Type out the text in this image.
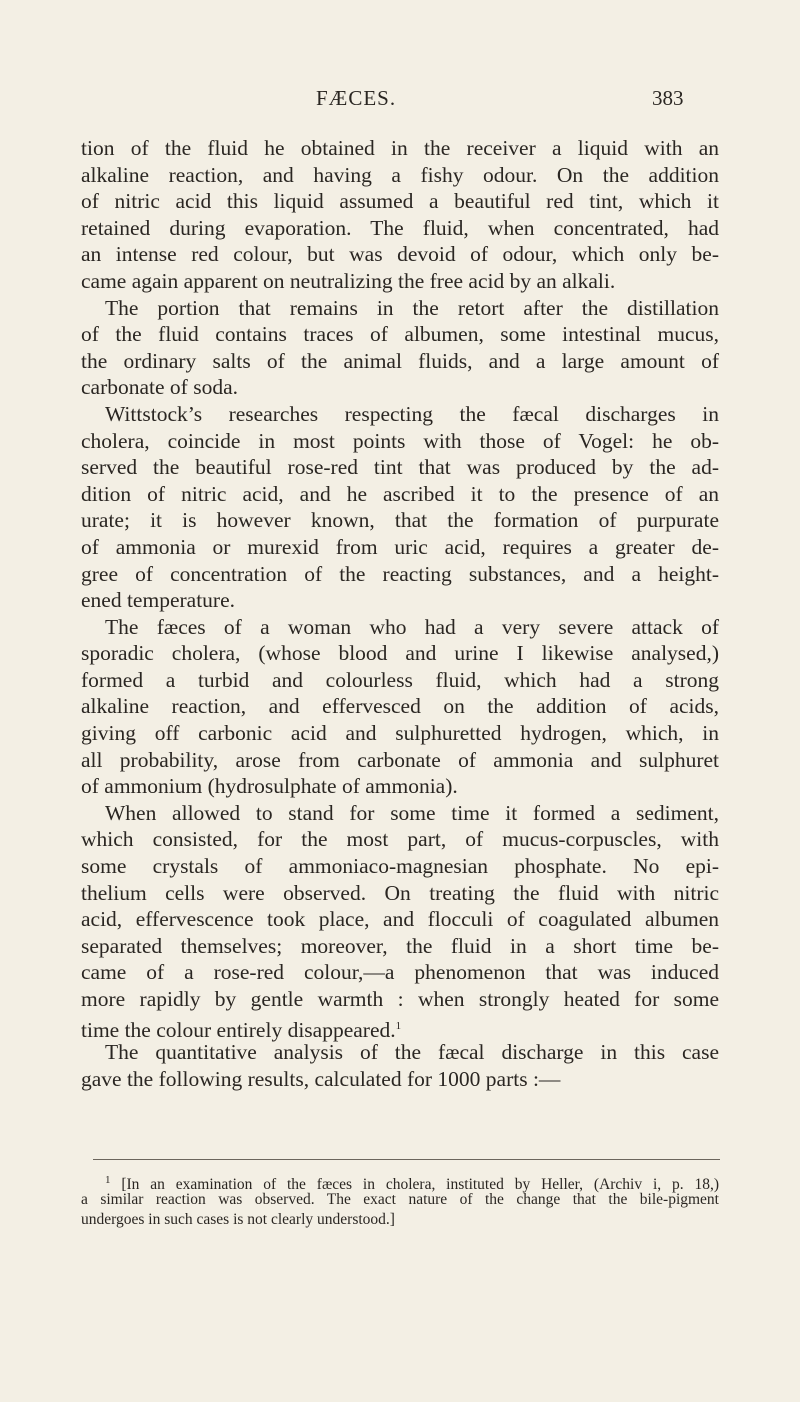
FÆCES.	383
tion of the fluid he obtained in the receiver a liquid with an
alkaline reaction, and having a fishy odour. On the addition
of nitric acid this liquid assumed a beautiful red tint, which it
retained during evaporation. The fluid, when concentrated, had
an intense red colour, but was devoid of odour, which only be-
came again apparent on neutralizing the free acid by an alkali.
The portion that remains in the retort after the distillation
of the fluid contains traces of albumen, some intestinal mucus,
the ordinary salts of the animal fluids, and a large amount of
carbonate of soda.
Wittstock’s researches respecting the fæcal discharges in
cholera, coincide in most points with those of Vogel: he ob-
served the beautiful rose-red tint that was produced by the ad-
dition of nitric acid, and he ascribed it to the presence of an
urate; it is however known, that the formation of purpurate
of ammonia or murexid from uric acid, requires a greater de-
gree of concentration of the reacting substances, and a height-
ened temperature.
The fæces of a woman who had a very severe attack of
sporadic cholera, (whose blood and urine I likewise analysed,)
formed a turbid and colourless fluid, which had a strong
alkaline reaction, and effervesced on the addition of acids,
giving off carbonic acid and sulphuretted hydrogen, which, in
all probability, arose from carbonate of ammonia and sulphuret
of ammonium (hydrosulphate of ammonia).
When allowed to stand for some time it formed a sediment,
which consisted, for the most part, of mucus-corpuscles, with
some crystals of ammoniaco-magnesian phosphate. No epi-
thelium cells were observed. On treating the fluid with nitric
acid, effervescence took place, and flocculi of coagulated albumen
separated themselves; moreover, the fluid in a short time be-
came of a rose-red colour,—a phenomenon that was induced
more rapidly by gentle warmth : when strongly heated for some
time the colour entirely disappeared.$^1$
The quantitative analysis of the fæcal discharge in this case
gave the following results, calculated for 1000 parts :—
$^1$ [In an examination of the fæces in cholera, instituted by Heller, (Archiv i, p. 18,)
a similar reaction was observed. The exact nature of the change that the bile-pigment
undergoes in such cases is not clearly understood.]
